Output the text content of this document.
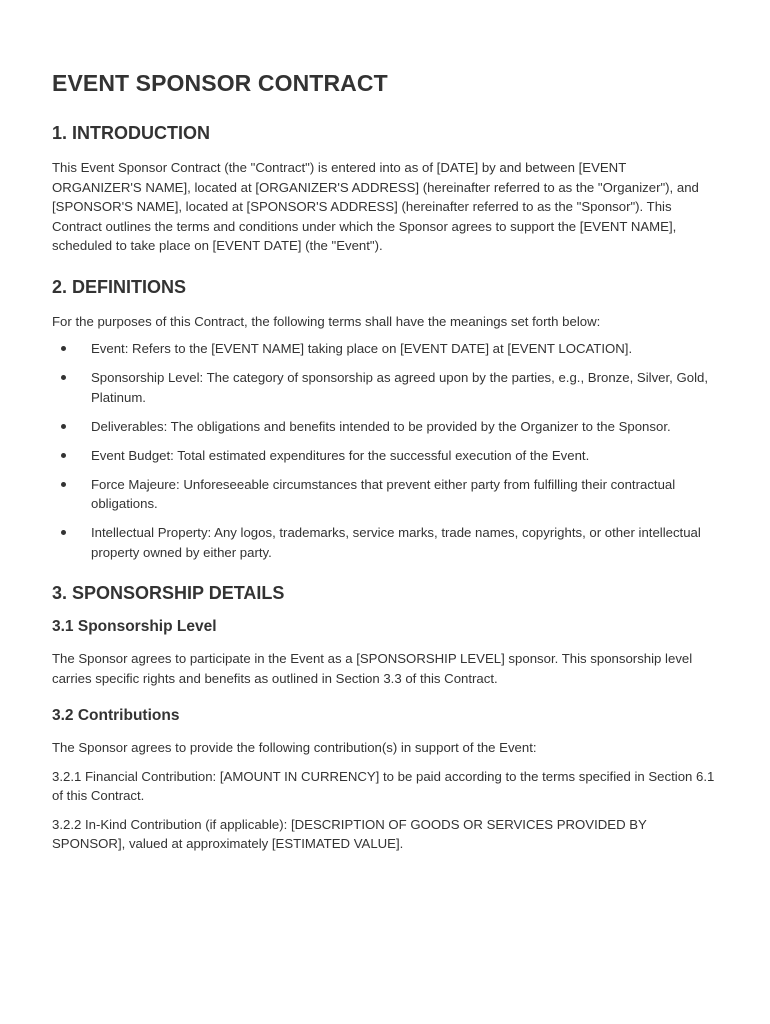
EVENT SPONSOR CONTRACT
1. INTRODUCTION

This Event Sponsor Contract (the "Contract") is entered into as of [DATE] by and between [EVENT ORGANIZER'S NAME], located at [ORGANIZER'S ADDRESS] (hereinafter referred to as the "Organizer"), and [SPONSOR'S NAME], located at [SPONSOR'S ADDRESS] (hereinafter referred to as the "Sponsor"). This Contract outlines the terms and conditions under which the Sponsor agrees to support the [EVENT NAME], scheduled to take place on [EVENT DATE] (the "Event").

2. DEFINITIONS

For the purposes of this Contract, the following terms shall have the meanings set forth below:

Event: Refers to the [EVENT NAME] taking place on [EVENT DATE] at [EVENT LOCATION].
Sponsorship Level: The category of sponsorship as agreed upon by the parties, e.g., Bronze, Silver, Gold, Platinum.
Deliverables: The obligations and benefits intended to be provided by the Organizer to the Sponsor.
Event Budget: Total estimated expenditures for the successful execution of the Event.
Force Majeure: Unforeseeable circumstances that prevent either party from fulfilling their contractual obligations.
Intellectual Property: Any logos, trademarks, service marks, trade names, copyrights, or other intellectual property owned by either party.
3. SPONSORSHIP DETAILS
3.1 Sponsorship Level

The Sponsor agrees to participate in the Event as a [SPONSORSHIP LEVEL] sponsor. This sponsorship level carries specific rights and benefits as outlined in Section 3.3 of this Contract.

3.2 Contributions

The Sponsor agrees to provide the following contribution(s) in support of the Event:

3.2.1 Financial Contribution: [AMOUNT IN CURRENCY] to be paid according to the terms specified in Section 6.1 of this Contract.

3.2.2 In-Kind Contribution (if applicable): [DESCRIPTION OF GOODS OR SERVICES PROVIDED BY SPONSOR], valued at approximately [ESTIMATED VALUE].
